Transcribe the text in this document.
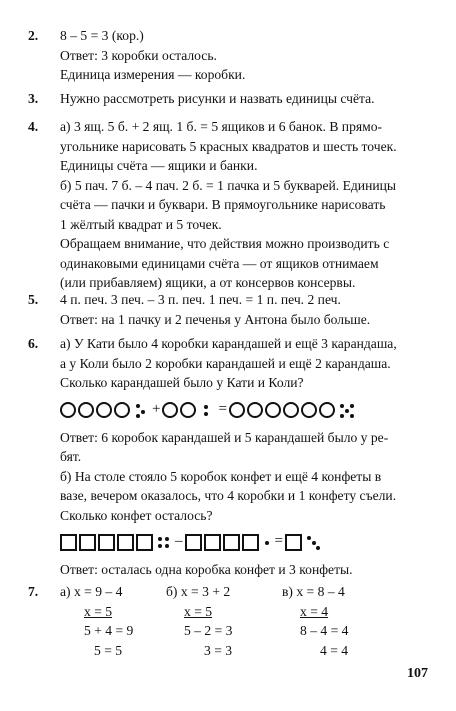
2. 8 – 5 = 3 (кор.)
Ответ: 3 коробки осталось.
Единица измерения — коробки.
3. Нужно рассмотреть рисунки и назвать единицы счёта.
4. а) 3 ящ. 5 б. + 2 ящ. 1 б. = 5 ящиков и 6 банок. В прямо-
угольнике нарисовать 5 красных квадратов и шесть точек.
Единицы счёта — ящики и банки.
б) 5 пач. 7 б. – 4 пач. 2 б. = 1 пачка и 5 букварей. Единицы
счёта — пачки и буквари. В прямоугольнике нарисовать
1 жёлтый квадрат и 5 точек.
Обращаем внимание, что действия можно производить с
одинаковыми единицами счёта — от ящиков отнимаем
(или прибавляем) ящики, а от консервов консервы.
5. 4 п. печ. 3 печ. – 3 п. печ. 1 печ. = 1 п. печ. 2 печ.
Ответ: на 1 пачку и 2 печенья у Антона было больше.
6. а) У Кати было 4 коробки карандашей и ещё 3 карандаша,
а у Коли было 2 коробки карандашей и ещё 2 карандаша.
Сколько карандашей было у Кати и Коли?
+	=
Ответ: 6 коробок карандашей и 5 карандашей было у ре-
бят.
б) На столе стояло 5 коробок конфет и ещё 4 конфеты в
вазе, вечером оказалось, что 4 коробки и 1 конфету съели.
Сколько конфет осталось?
–	=
Ответ: осталась одна коробка конфет и 3 конфеты.
7. а) x = 9 – 4
x = 5
5 + 4 = 9
5 = 5
б) x = 3 + 2
x = 5
5 – 2 = 3
3 = 3
в) x = 8 – 4
x = 4
8 – 4 = 4
4 = 4
107
